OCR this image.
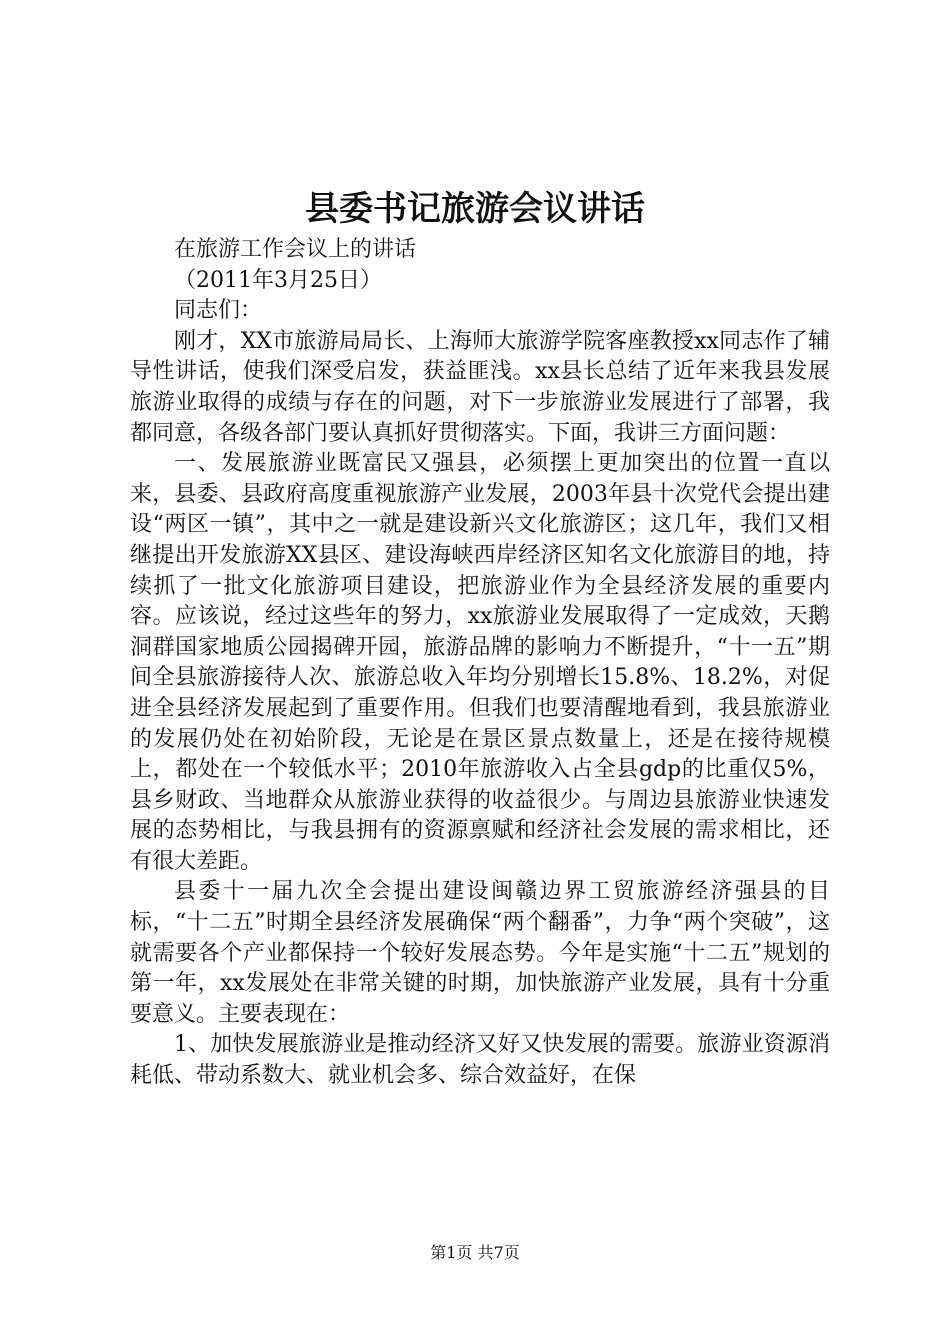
县委书记旅游会议讲话

在旅游工作会议上的讲话

（2011年3月25日）

同志们：

刚才，XX市旅游局局长、上海师大旅游学院客座教授xx同志作了辅导性讲话，使我们深受启发，获益匪浅。xx县长总结了近年来我县发展旅游业取得的成绩与存在的问题，对下一步旅游业发展进行了部署，我都同意，各级各部门要认真抓好贯彻落实。下面，我讲三方面问题：

一、发展旅游业既富民又强县，必须摆上更加突出的位置一直以来，县委、县政府高度重视旅游产业发展，2003年县十次党代会提出建设“两区一镇”，其中之一就是建设新兴文化旅游区；这几年，我们又相继提出开发旅游XX县区、建设海峡西岸经济区知名文化旅游目的地，持续抓了一批文化旅游项目建设，把旅游业作为全县经济发展的重要内容。应该说，经过这些年的努力，xx旅游业发展取得了一定成效，天鹅洞群国家地质公园揭碑开园，旅游品牌的影响力不断提升，“十一五”期间全县旅游接待人次、旅游总收入年均分别增长15.8%、18.2%，对促进全县经济发展起到了重要作用。但我们也要清醒地看到，我县旅游业的发展仍处在初始阶段，无论是在景区景点数量上，还是在接待规模上，都处在一个较低水平；2010年旅游收入占全县gdp的比重仅5%，县乡财政、当地群众从旅游业获得的收益很少。与周边县旅游业快速发展的态势相比，与我县拥有的资源禀赋和经济社会发展的需求相比，还有很大差距。

县委十一届九次全会提出建设闽赣边界工贸旅游经济强县的目标，“十二五”时期全县经济发展确保“两个翻番”，力争“两个突破”，这就需要各个产业都保持一个较好发展态势。今年是实施“十二五”规划的第一年，xx发展处在非常关键的时期，加快旅游产业发展，具有十分重要意义。主要表现在：

1、加快发展旅游业是推动经济又好又快发展的需要。旅游业资源消耗低、带动系数大、就业机会多、综合效益好，在保

第1页 共7页
